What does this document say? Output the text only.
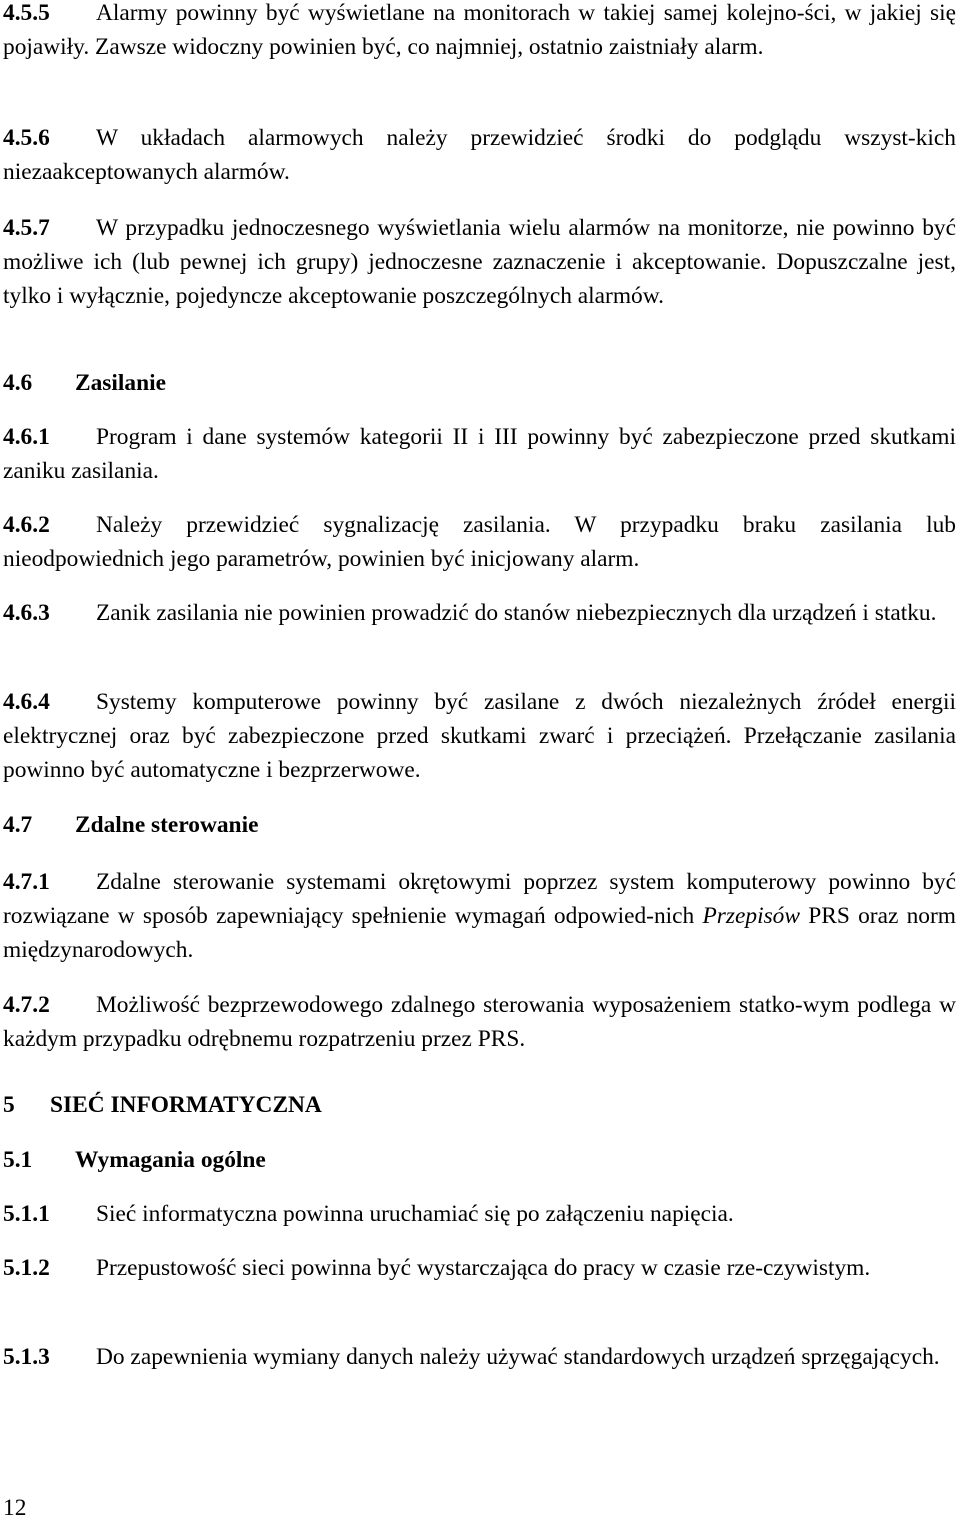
4.5.5 Alarmy powinny być wyświetlane na monitorach w takiej samej kolejno-ści, w jakiej się pojawiły. Zawsze widoczny powinien być, co najmniej, ostatnio zaistniały alarm.
4.5.6 W układach alarmowych należy przewidzieć środki do podglądu wszyst-kich niezaakceptowanych alarmów.
4.5.7 W przypadku jednoczesnego wyświetlania wielu alarmów na monitorze, nie powinno być możliwe ich (lub pewnej ich grupy) jednoczesne zaznaczenie i akceptowanie. Dopuszczalne jest, tylko i wyłącznie, pojedyncze akceptowanie poszczególnych alarmów.
4.6 Zasilanie
4.6.1 Program i dane systemów kategorii II i III powinny być zabezpieczone przed skutkami zaniku zasilania.
4.6.2 Należy przewidzieć sygnalizację zasilania. W przypadku braku zasilania lub nieodpowiednich jego parametrów, powinien być inicjowany alarm.
4.6.3 Zanik zasilania nie powinien prowadzić do stanów niebezpiecznych dla urządzeń i statku.
4.6.4 Systemy komputerowe powinny być zasilane z dwóch niezależnych źródeł energii elektrycznej oraz być zabezpieczone przed skutkami zwarć i przeciążeń. Przełączanie zasilania powinno być automatyczne i bezprzerwowe.
4.7 Zdalne sterowanie
4.7.1 Zdalne sterowanie systemami okrętowymi poprzez system komputerowy powinno być rozwiązane w sposób zapewniający spełnienie wymagań odpowied-nich Przepisów PRS oraz norm międzynarodowych.
4.7.2 Możliwość bezprzewodowego zdalnego sterowania wyposażeniem statko-wym podlega w każdym przypadku odrębnemu rozpatrzeniu przez PRS.
5 SIEĆ INFORMATYCZNA
5.1 Wymagania ogólne
5.1.1 Sieć informatyczna powinna uruchamiać się po załączeniu napięcia.
5.1.2 Przepustowość sieci powinna być wystarczająca do pracy w czasie rze-czywistym.
5.1.3 Do zapewnienia wymiany danych należy używać standardowych urządzeń sprzęgających.
12
